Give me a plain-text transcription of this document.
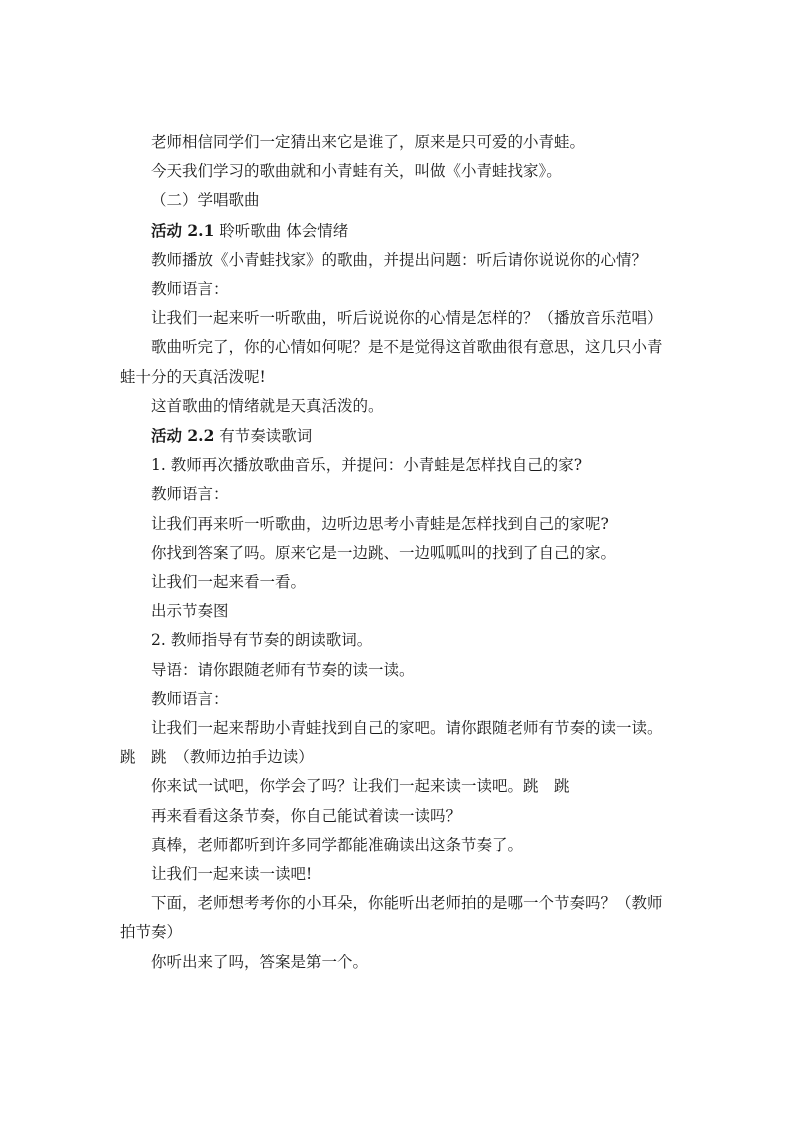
老师相信同学们一定猜出来它是谁了，原来是只可爱的小青蛙。

今天我们学习的歌曲就和小青蛙有关，叫做《小青蛙找家》。

（二）学唱歌曲

活动 2.1 聆听歌曲 体会情绪

教师播放《小青蛙找家》的歌曲，并提出问题：听后请你说说你的心情？

教师语言：

让我们一起来听一听歌曲，听后说说你的心情是怎样的？（播放音乐范唱）

歌曲听完了，你的心情如何呢？是不是觉得这首歌曲很有意思，这几只小青蛙十分的天真活泼呢!

这首歌曲的情绪就是天真活泼的。

活动 2.2 有节奏读歌词

1. 教师再次播放歌曲音乐，并提问：小青蛙是怎样找自己的家?

教师语言：

让我们再来听一听歌曲，边听边思考小青蛙是怎样找到自己的家呢?

你找到答案了吗。原来它是一边跳、一边呱呱叫的找到了自己的家。

让我们一起来看一看。

出示节奏图

2. 教师指导有节奏的朗读歌词。

导语：请你跟随老师有节奏的读一读。

教师语言：

让我们一起来帮助小青蛙找到自己的家吧。请你跟随老师有节奏的读一读。跳　跳　（教师边拍手边读）

你来试一试吧，你学会了吗？让我们一起来读一读吧。跳　跳

再来看看这条节奏，你自己能试着读一读吗？

真棒，老师都听到许多同学都能准确读出这条节奏了。

让我们一起来读一读吧!

下面，老师想考考你的小耳朵，你能听出老师拍的是哪一个节奏吗？（教师拍节奏）

你听出来了吗，答案是第一个。
